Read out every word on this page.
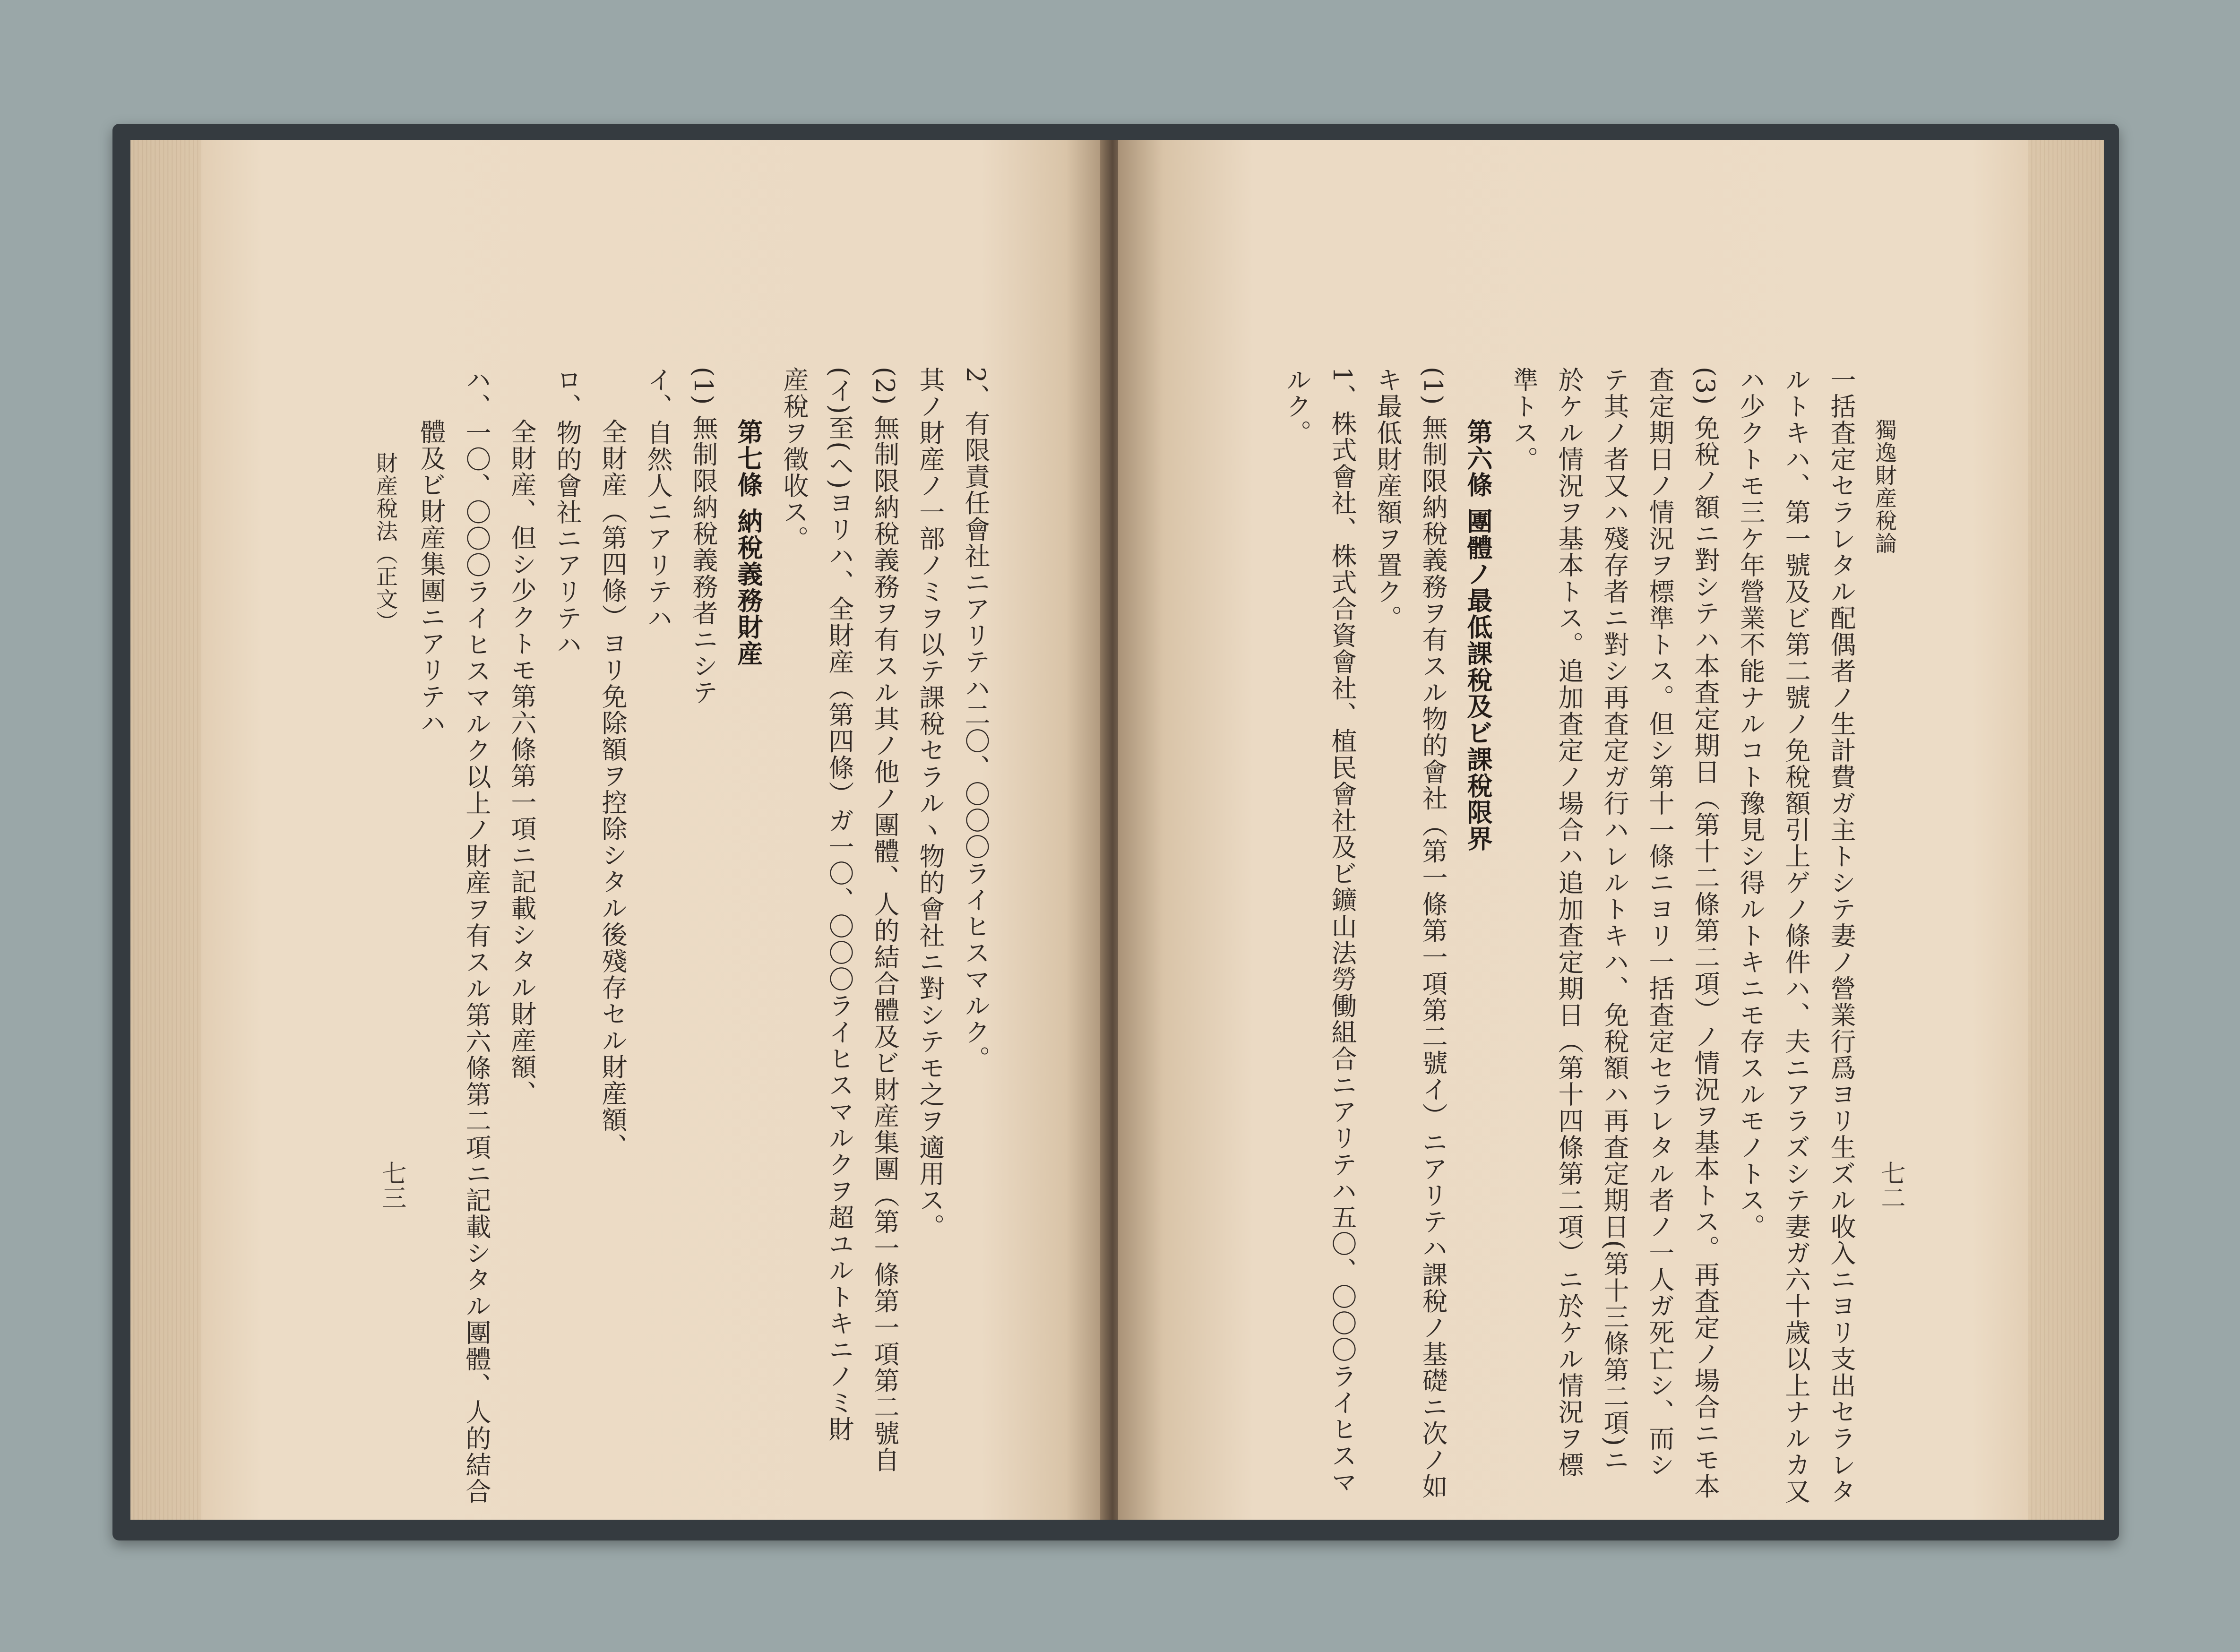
2、有限責任會社ニアリテハ二〇、〇〇〇ライヒスマルク。
其ノ財産ノ一部ノミヲ以テ課稅セラルヽ物的會社ニ對シテモ之ヲ適用ス。
(2) 無制限納稅義務ヲ有スル其ノ他ノ團體、人的結合體及ビ財産集團（第一條第一項第二號自
(イ)至(ヘ)ヨリハ、全財産（第四條）ガ一〇、〇〇〇ライヒスマルクヲ超ユルトキニノミ財
産稅ヲ徵收ス。
第七條 納稅義務財産
(1) 無制限納稅義務者ニシテ
イ、自然人ニアリテハ
全財産（第四條）ヨリ免除額ヲ控除シタル後殘存セル財産額、
ロ、物的會社ニアリテハ
全財産、但シ少クトモ第六條第一項ニ記載シタル財産額、
ハ、一〇、〇〇〇ライヒスマルク以上ノ財産ヲ有スル第六條第二項ニ記載シタル團體、人的結合
體及ビ財産集團ニアリテハ
財産稅法（正文）
七三
獨逸財産稅論
七二
一括査定セラレタル配偶者ノ生計費ガ主トシテ妻ノ營業行爲ヨリ生ズル收入ニヨリ支出セラレタ
ルトキハ、第一號及ビ第二號ノ免稅額引上ゲノ條件ハ、夫ニアラズシテ妻ガ六十歲以上ナルカ又
ハ少クトモ三ケ年營業不能ナルコト豫見シ得ルトキニモ存スルモノトス。
(3) 免稅ノ額ニ對シテハ本査定期日（第十二條第二項）ノ情況ヲ基本トス。再査定ノ場合ニモ本
査定期日ノ情況ヲ標準トス。但シ第十一條ニヨリ一括査定セラレタル者ノ一人ガ死亡シ、而シ
テ其ノ者又ハ殘存者ニ對シ再査定ガ行ハレルトキハ、免稅額ハ再査定期日(第十三條第二項)ニ
於ケル情況ヲ基本トス。追加査定ノ場合ハ追加査定期日（第十四條第二項）ニ於ケル情況ヲ標
準トス。
第六條 團體ノ最低課稅及ビ課稅限界
(1) 無制限納稅義務ヲ有スル物的會社（第一條第一項第二號イ）ニアリテハ課稅ノ基礎ニ次ノ如
キ最低財産額ヲ置ク。
1、株式會社、株式合資會社、植民會社及ビ鑛山法勞働組合ニアリテハ五〇、〇〇〇ライヒスマ
ルク。
